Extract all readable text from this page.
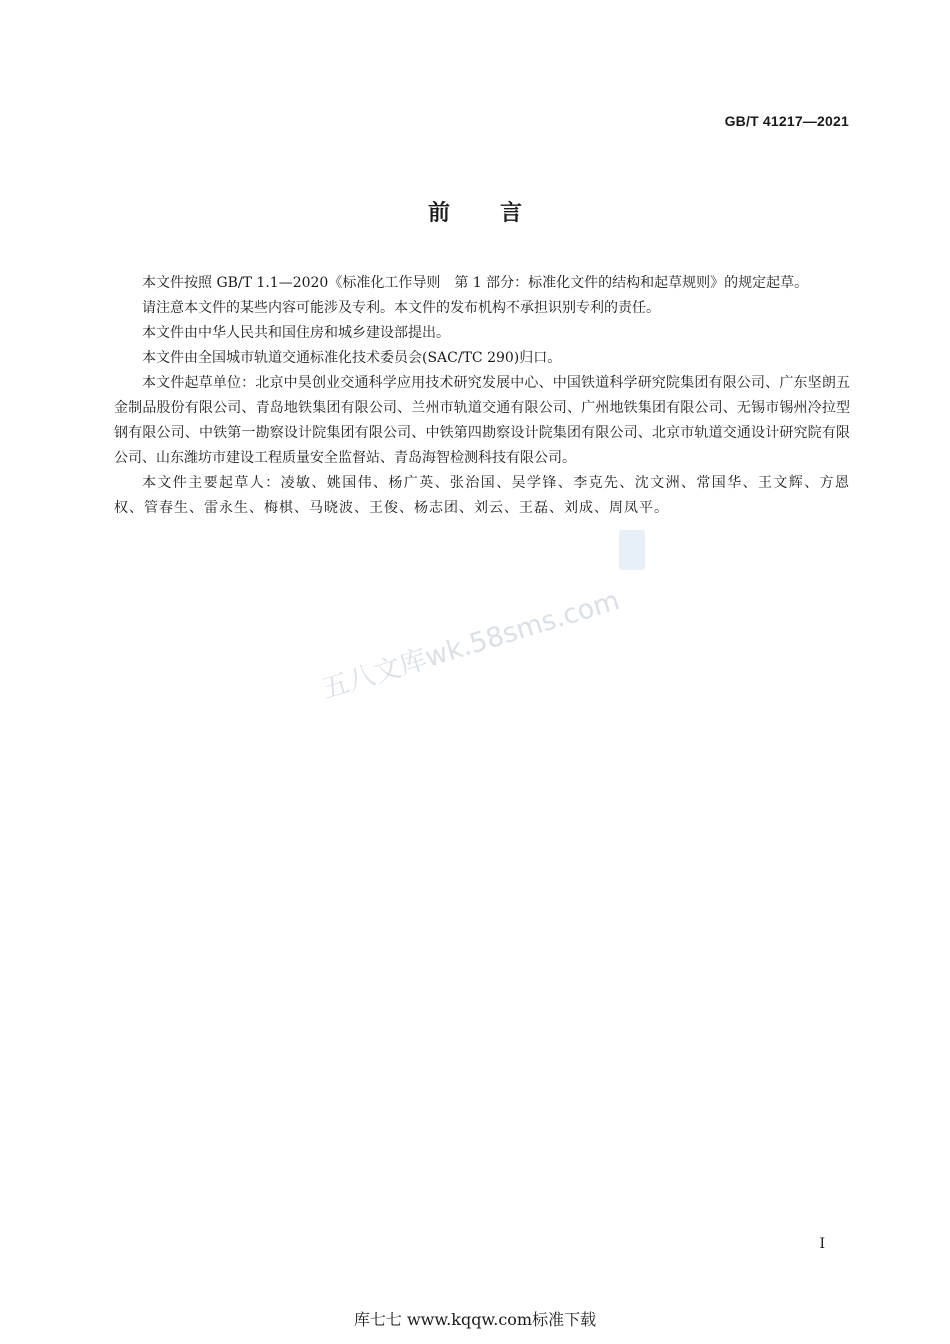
GB/T 41217—2021
前言

本文件按照 GB/T 1.1—2020《标准化工作导则　第 1 部分：标准化文件的结构和起草规则》的规定起草。

请注意本文件的某些内容可能涉及专利。本文件的发布机构不承担识别专利的责任。

本文件由中华人民共和国住房和城乡建设部提出。

本文件由全国城市轨道交通标准化技术委员会(SAC/TC 290)归口。

本文件起草单位：北京中昊创业交通科学应用技术研究发展中心、中国铁道科学研究院集团有限公司、广东坚朗五金制品股份有限公司、青岛地铁集团有限公司、兰州市轨道交通有限公司、广州地铁集团有限公司、无锡市锡州冷拉型钢有限公司、中铁第一勘察设计院集团有限公司、中铁第四勘察设计院集团有限公司、北京市轨道交通设计研究院有限公司、山东潍坊市建设工程质量安全监督站、青岛海智检测科技有限公司。

本文件主要起草人：凌敏、姚国伟、杨广英、张治国、吴学锋、李克先、沈文洲、常国华、王文辉、方恩权、管春生、雷永生、梅棋、马晓波、王俊、杨志团、刘云、王磊、刘成、周凤平。

五八文库wk.58sms.com
I
库七七 www.kqqw.com标准下载
